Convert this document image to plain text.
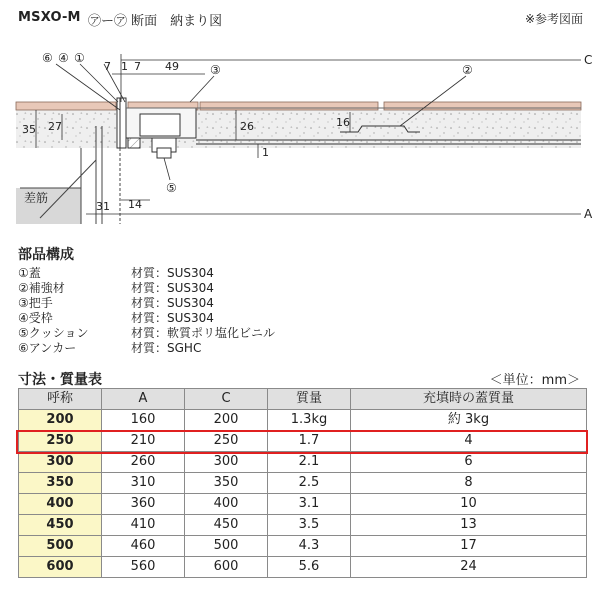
MSXO-M ㋐ー㋐ 断面　納まり図	※参考図面
⑥ ④ ①
③	②
⑤
7 1 7 49
35 27	26	16
1
31 14
C
A
差筋
部品構成
①蓋	材質：SUS304
②補強材	材質：SUS304
③把手	材質：SUS304
④受枠	材質：SUS304
⑤クッション	材質：軟質ポリ塩化ビニル
⑥アンカー	材質：SGHC
寸法・質量表	＜単位：mm＞
呼称	A	C	質量	充填時の蓋質量
200	160	200	1.3kg	約 3kg
250	210	250	1.7	4
300	260	300	2.1	6
350	310	350	2.5	8
400	360	400	3.1	10
450	410	450	3.5	13
500	460	500	4.3	17
600	560	600	5.6	24
